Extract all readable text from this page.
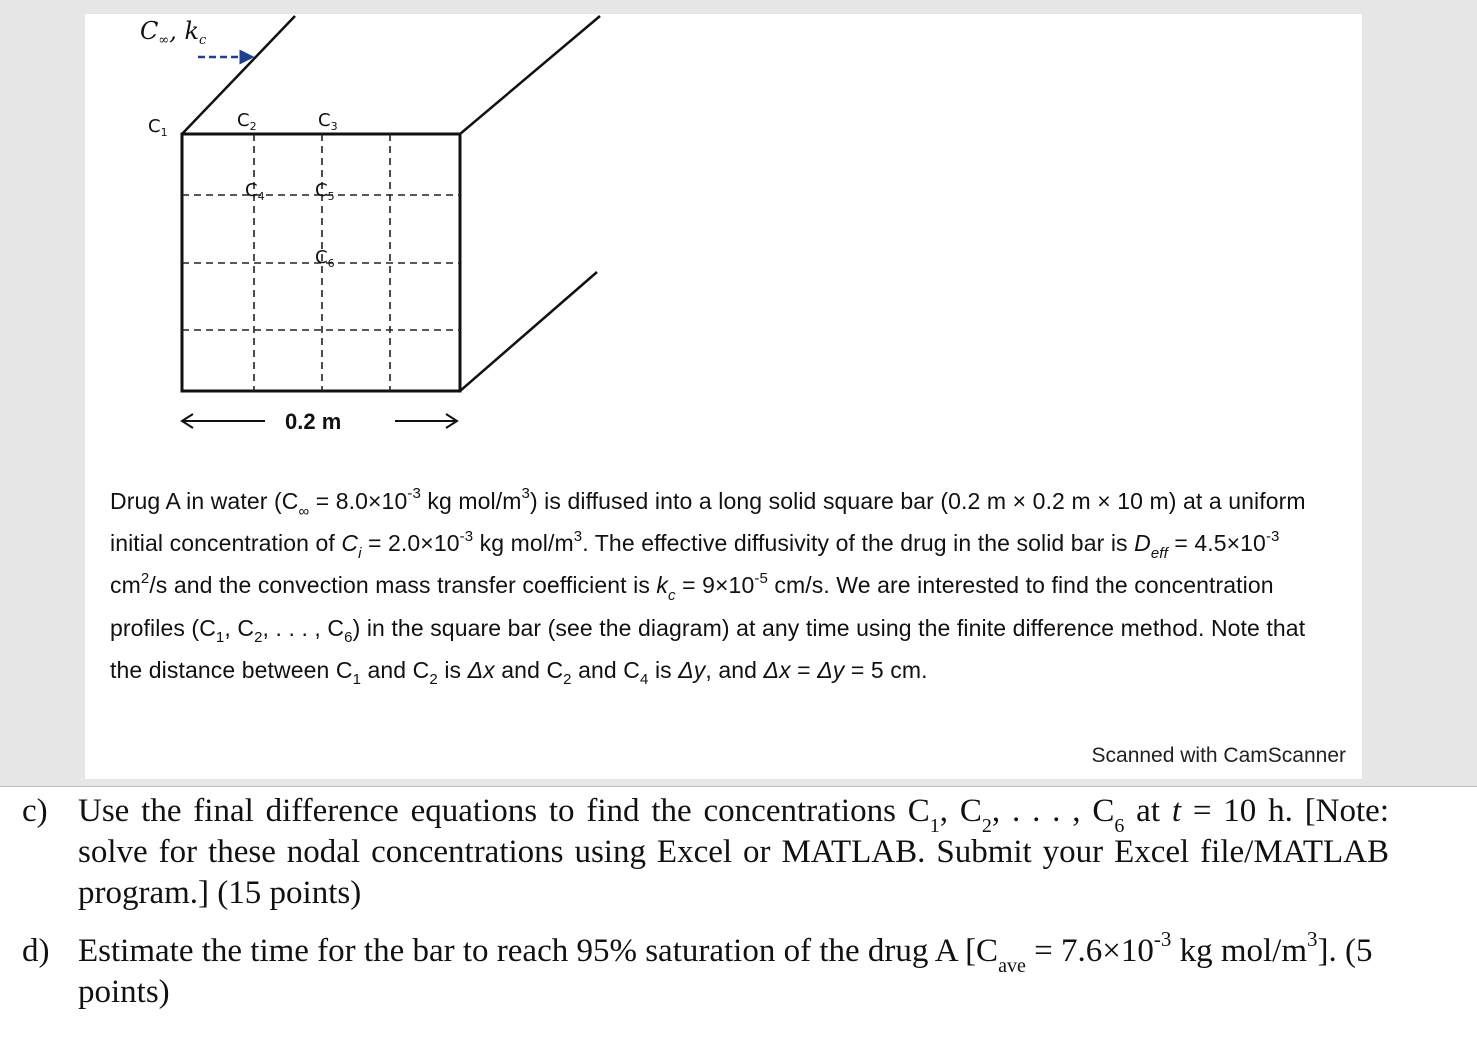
$C_\infty$, $k_c$
$C_1$
$C_2$	$C_3$
$C_4$	$C_5$
$C_6$
0.2 m
Drug A in water ($C_\infty = 8.0\times 10^{-3}$ kg mol/$m^3$) is diffused into a long solid square bar (0.2 m × 0.2 m × 10 m) at a uniform initial concentration of $C_i = 2.0\times 10^{-3}$ kg mol/$m^3$. The effective diffusivity of the drug in the solid bar is $D_{eff} = 4.5\times 10^{-3}$ $cm^2/s$ and the convection mass transfer coefficient is $k_c = 9\times 10^{-5}$ cm/s. We are interested to find the concentration profiles ($C_1$, $C_2$, . . . , $C_6$) in the square bar (see the diagram) at any time using the finite difference method. Note that the distance between $C_1$ and $C_2$ is Δx and $C_2$ and $C_4$ is Δy, and Δx = Δy = 5 cm.
Scanned with CamScanner
c) Use the final difference equations to find the concentrations $C_1$, $C_2$, . . . , $C_6$ at t = 10 h. [Note: solve for these nodal concentrations using Excel or MATLAB. Submit your Excel file/MATLAB program.] (15 points)
d) Estimate the time for the bar to reach 95% saturation of the drug A [$C_{ave} = 7.6\times 10^{-3}$ kg mol/$m^3$]. (5 points)
